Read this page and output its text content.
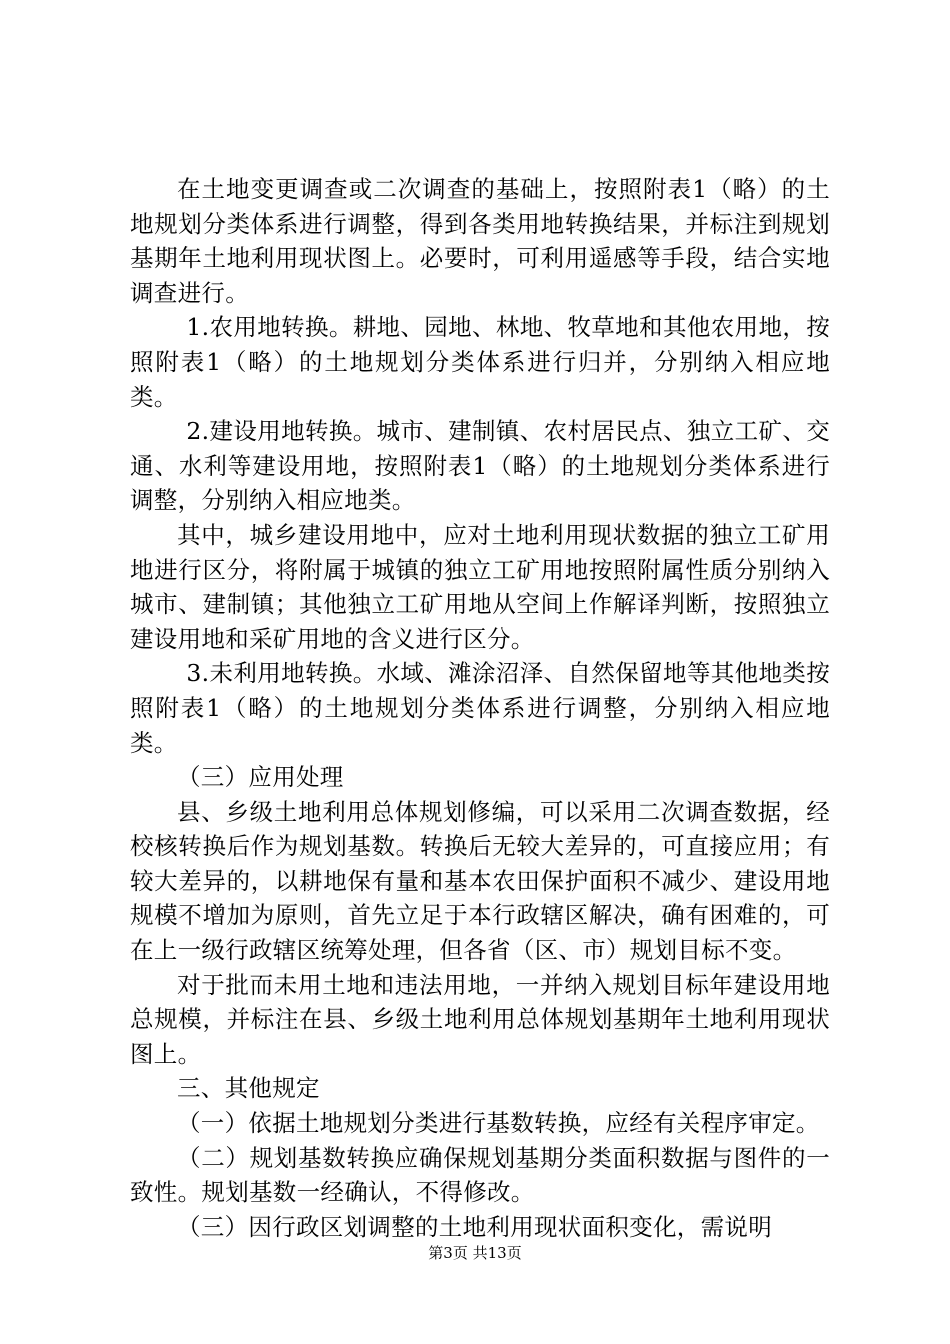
在土地变更调查或二次调查的基础上，按照附表1（略）的土地规划分类体系进行调整，得到各类用地转换结果，并标注到规划基期年土地利用现状图上。必要时，可利用遥感等手段，结合实地调查进行。

1.农用地转换。耕地、园地、林地、牧草地和其他农用地，按照附表1（略）的土地规划分类体系进行归并，分别纳入相应地类。

2.建设用地转换。城市、建制镇、农村居民点、独立工矿、交通、水利等建设用地，按照附表1（略）的土地规划分类体系进行调整，分别纳入相应地类。

其中，城乡建设用地中，应对土地利用现状数据的独立工矿用地进行区分，将附属于城镇的独立工矿用地按照附属性质分别纳入城市、建制镇；其他独立工矿用地从空间上作解译判断，按照独立建设用地和采矿用地的含义进行区分。

3.未利用地转换。水域、滩涂沼泽、自然保留地等其他地类按照附表1（略）的土地规划分类体系进行调整，分别纳入相应地类。

（三）应用处理

县、乡级土地利用总体规划修编，可以采用二次调查数据，经校核转换后作为规划基数。转换后无较大差异的，可直接应用；有较大差异的，以耕地保有量和基本农田保护面积不减少、建设用地规模不增加为原则，首先立足于本行政辖区解决，确有困难的，可在上一级行政辖区统筹处理，但各省（区、市）规划目标不变。

对于批而未用土地和违法用地，一并纳入规划目标年建设用地总规模，并标注在县、乡级土地利用总体规划基期年土地利用现状图上。

三、其他规定

（一）依据土地规划分类进行基数转换，应经有关程序审定。

（二）规划基数转换应确保规划基期分类面积数据与图件的一致性。规划基数一经确认，不得修改。

（三）因行政区划调整的土地利用现状面积变化，需说明

第3页 共13页
